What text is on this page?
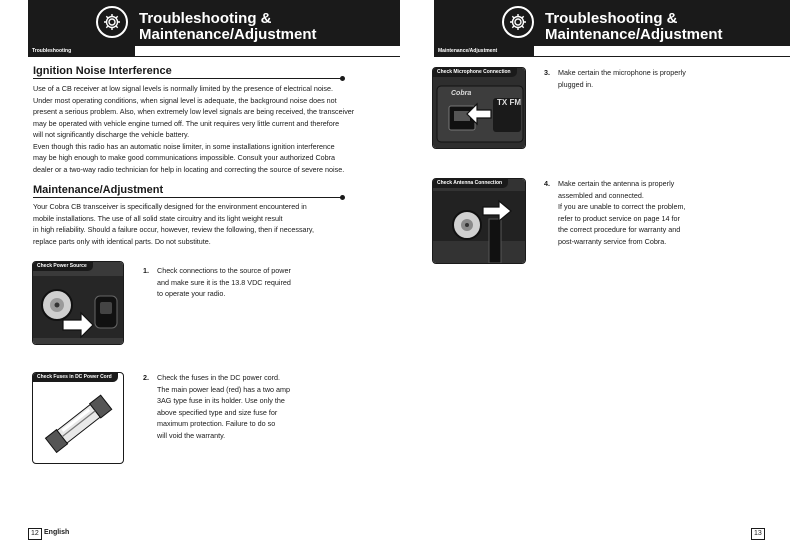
Troubleshooting &
Maintenance/Adjustment
Troubleshooting
Ignition Noise Interference
Use of a CB receiver at low signal levels is normally limited by the presence of electrical noise.
Under most operating conditions, when signal level is adequate, the background noise does not
present a serious problem. Also, when extremely low level signals are being received, the transceiver
may be operated with vehicle engine turned off. The unit requires very little current and therefore
will not significantly discharge the vehicle battery.
Even though this radio has an automatic noise limiter, in some installations ignition interference
may be high enough to make good communications impossible. Consult your authorized Cobra
dealer or a two-way radio technician for help in locating and correcting the source of severe noise.
Maintenance/Adjustment
Your Cobra CB transceiver is specifically designed for the environment encountered in
mobile installations. The use of all solid state circuitry and its light weight result
in high reliability. Should a failure occur, however, review the following, then if necessary,
replace parts only with identical parts. Do not substitute.
Check Power Source	1. Check connections to the source of power
and make sure it is the 13.8 VDC required
to operate your radio.
Check Fuses in DC Power Cord	2. Check the fuses in the DC power cord.
The main power lead (red) has a two amp
3AG type fuse in its holder. Use only the
above specified type and size fuse for
maximum protection. Failure to do so
will void the warranty.
12 English
Troubleshooting &
Maintenance/Adjustment
Maintenance/Adjustment
Cobra
TX FM
Check Microphone Connection	3. Make certain the microphone is properly
plugged in.
Check Antenna Connection	4. Make certain the antenna is properly
assembled and connected.
If you are unable to correct the problem,
refer to product service on page 14 for
the correct procedure for warranty and
post-warranty service from Cobra.
13
